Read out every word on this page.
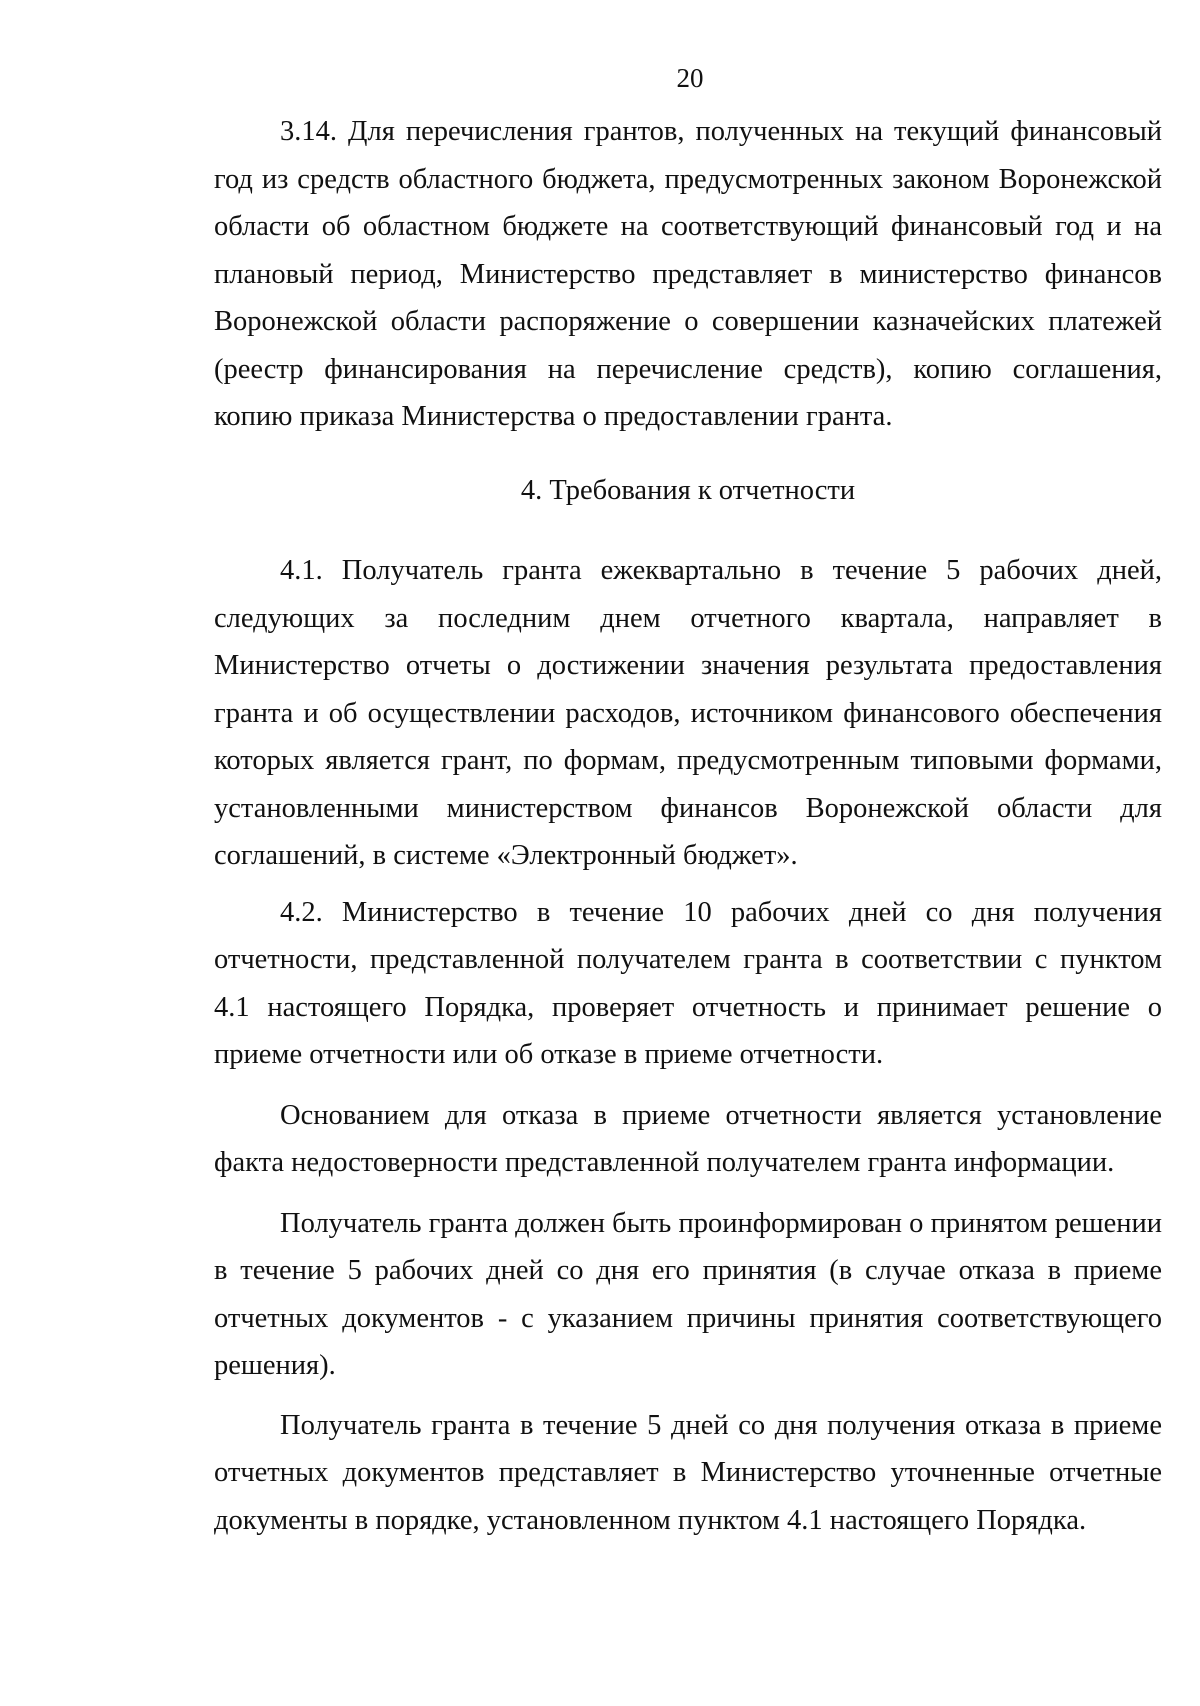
20

3.14. Для перечисления грантов, полученных на текущий финансовый год из средств областного бюджета, предусмотренных законом Воронежской области об областном бюджете на соответствующий финансовый год и на плановый период, Министерство представляет в министерство финансов Воронежской области распоряжение о совершении казначейских платежей (реестр финансирования на перечисление средств), копию соглашения, копию приказа Министерства о предоставлении гранта.

4. Требования к отчетности

4.1. Получатель гранта ежеквартально в течение 5 рабочих дней, следующих за последним днем отчетного квартала, направляет в Министерство отчеты о достижении значения результата предоставления гранта и об осуществлении расходов, источником финансового обеспечения которых является грант, по формам, предусмотренным типовыми формами, установленными министерством финансов Воронежской области для соглашений, в системе «Электронный бюджет».

4.2. Министерство в течение 10 рабочих дней со дня получения отчетности, представленной получателем гранта в соответствии с пунктом 4.1 настоящего Порядка, проверяет отчетность и принимает решение о приеме отчетности или об отказе в приеме отчетности.

Основанием для отказа в приеме отчетности является установление факта недостоверности представленной получателем гранта информации.

Получатель гранта должен быть проинформирован о принятом решении в течение 5 рабочих дней со дня его принятия (в случае отказа в приеме отчетных документов - с указанием причины принятия соответствующего решения).

Получатель гранта в течение 5 дней со дня получения отказа в приеме отчетных документов представляет в Министерство уточненные отчетные документы в порядке, установленном пунктом 4.1 настоящего Порядка.
